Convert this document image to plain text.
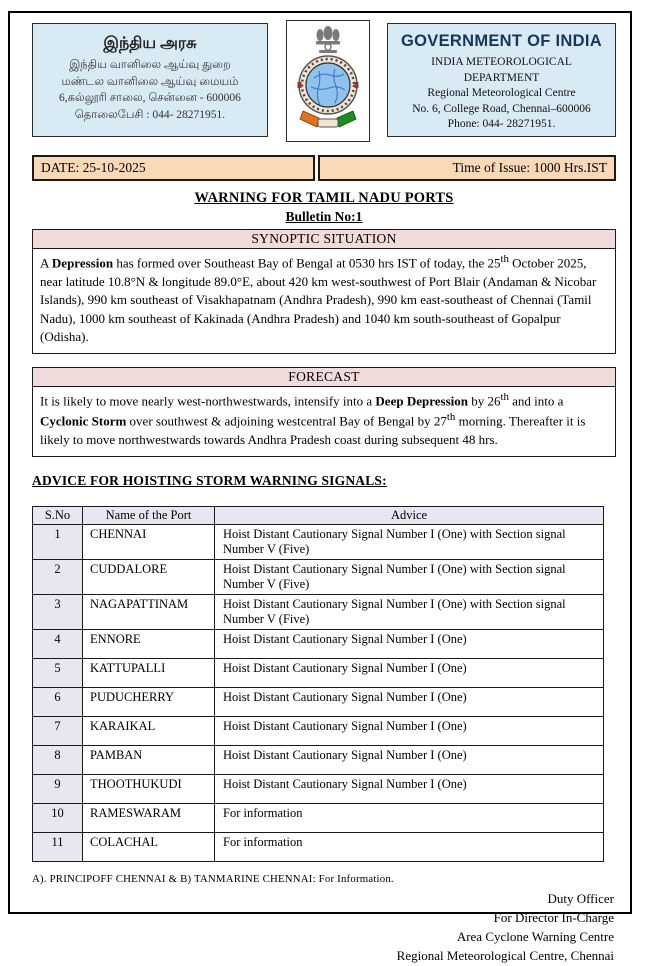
இந்திய அரசு
இந்திய வானிலை ஆய்வு துறை
மண்டல வானிலை ஆய்வு மையம்
6,கல்லூரி சாலை, சென்னை - 600006
தொலைபேசி : 044- 28271951.
GOVERNMENT OF INDIA
INDIA METEOROLOGICAL
DEPARTMENT
Regional Meteorological Centre
No. 6, College Road, Chennai–600006
Phone: 044- 28271951.
DATE: 25-10-2025	Time of Issue: 1000 Hrs.IST
WARNING FOR TAMIL NADU PORTS
Bulletin No:1
SYNOPTIC SITUATION
A Depression has formed over Southeast Bay of Bengal at 0530 hrs IST of today, the 25th October 2025, near latitude 10.8°N & longitude 89.0°E, about 420 km west-southwest of Port Blair (Andaman & Nicobar Islands), 990 km southeast of Visakhapatnam (Andhra Pradesh), 990 km east-southeast of Chennai (Tamil Nadu), 1000 km southeast of Kakinada (Andhra Pradesh) and 1040 km south-southeast of Gopalpur (Odisha).
FORECAST
It is likely to move nearly west-northwestwards, intensify into a Deep Depression by 26th and into a Cyclonic Storm over southwest & adjoining westcentral Bay of Bengal by 27th morning. Thereafter it is likely to move northwestwards towards Andhra Pradesh coast during subsequent 48 hrs.
ADVICE FOR HOISTING STORM WARNING SIGNALS:
S.No	Name of the Port	Advice
1	CHENNAI	Hoist Distant Cautionary Signal Number I (One) with Section signal Number V (Five)
2	CUDDALORE	Hoist Distant Cautionary Signal Number I (One) with Section signal Number V (Five)
3	NAGAPATTINAM	Hoist Distant Cautionary Signal Number I (One) with Section signal Number V (Five)
4	ENNORE	Hoist Distant Cautionary Signal Number I (One)
5	KATTUPALLI	Hoist Distant Cautionary Signal Number I (One)
6	PUDUCHERRY	Hoist Distant Cautionary Signal Number I (One)
7	KARAIKAL	Hoist Distant Cautionary Signal Number I (One)
8	PAMBAN	Hoist Distant Cautionary Signal Number I (One)
9	THOOTHUKUDI	Hoist Distant Cautionary Signal Number I (One)
10	RAMESWARAM	For information
11	COLACHAL	For information
A). PRINCIPOFF CHENNAI & B) TANMARINE CHENNAI: For Information.
Duty Officer
For Director In-Charge
Area Cyclone Warning Centre
Regional Meteorological Centre, Chennai
